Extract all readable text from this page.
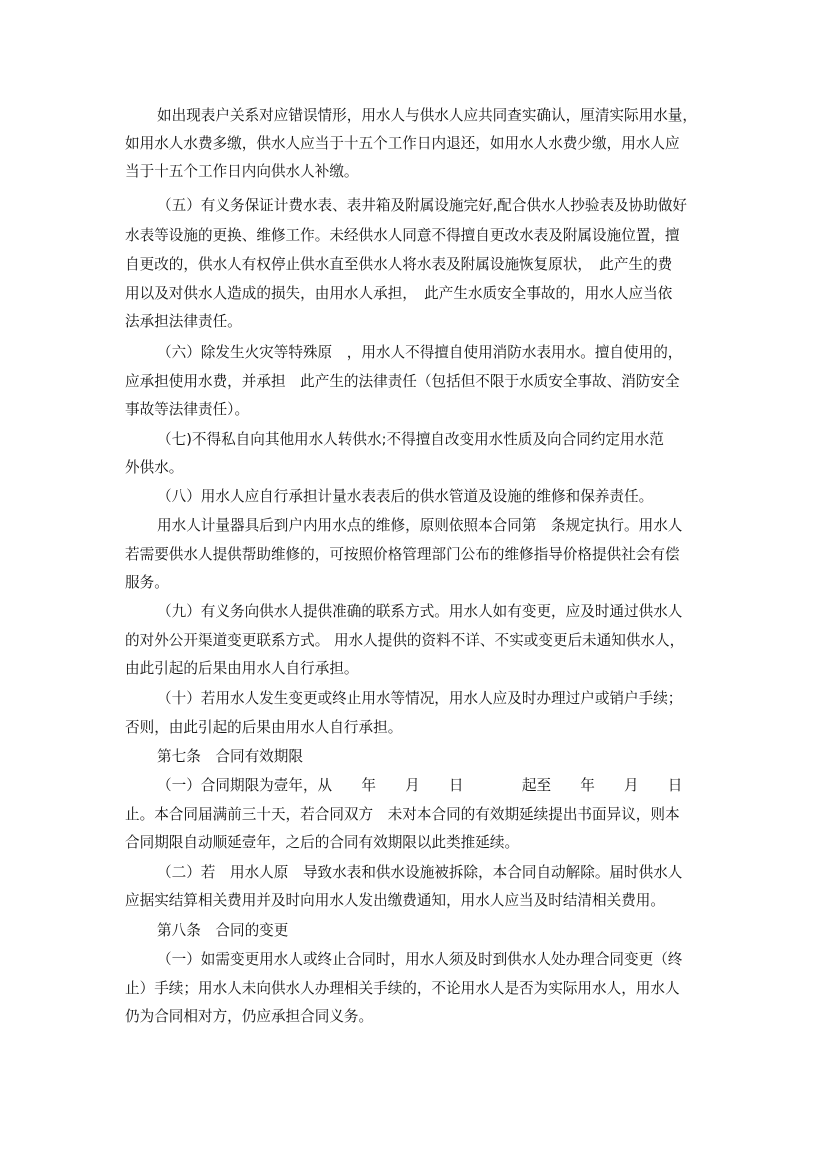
如出现表户关系对应错误情形，用水人与供水人应共同查实确认，厘清实际用水量，
如用水人水费多缴，供水人应当于十五个工作日内退还，如用水人水费少缴，用水人应
当于十五个工作日内向供水人补缴。
（五）有义务保证计费水表、表井箱及附属设施完好,配合供水人抄验表及协助做好
水表等设施的更换、维修工作。未经供水人同意不得擅自更改水表及附属设施位置，擅
自更改的，供水人有权停止供水直至供水人将水表及附属设施恢复原状，　此产生的费
用以及对供水人造成的损失，由用水人承担，　此产生水质安全事故的，用水人应当依
法承担法律责任。
（六）除发生火灾等特殊原　，用水人不得擅自使用消防水表用水。擅自使用的，
应承担使用水费，并承担　此产生的法律责任（包括但不限于水质安全事故、消防安全
事故等法律责任）。
（七)不得私自向其他用水人转供水;不得擅自改变用水性质及向合同约定用水范
外供水。
（八）用水人应自行承担计量水表表后的供水管道及设施的维修和保养责任。
用水人计量器具后到户内用水点的维修，原则依照本合同第　条规定执行。用水人
若需要供水人提供帮助维修的，可按照价格管理部门公布的维修指导价格提供社会有偿
服务。
（九）有义务向供水人提供准确的联系方式。用水人如有变更，应及时通过供水人
的对外公开渠道变更联系方式。 用水人提供的资料不详、不实或变更后未通知供水人，
由此引起的后果由用水人自行承担。
（十）若用水人发生变更或终止用水等情况，用水人应及时办理过户或销户手续；
否则，由此引起的后果由用水人自行承担。
第七条　合同有效期限
（一）合同期限为壹年，从　　年　　月　　日　　　　起至　　年　　月　　日
止。本合同届满前三十天，若合同双方　未对本合同的有效期延续提出书面异议，则本
合同期限自动顺延壹年，之后的合同有效期限以此类推延续。
（二）若　用水人原　导致水表和供水设施被拆除，本合同自动解除。届时供水人
应据实结算相关费用并及时向用水人发出缴费通知，用水人应当及时结清相关费用。
第八条　合同的变更
（一）如需变更用水人或终止合同时，用水人须及时到供水人处办理合同变更（终
止）手续；用水人未向供水人办理相关手续的，不论用水人是否为实际用水人，用水人
仍为合同相对方，仍应承担合同义务。
